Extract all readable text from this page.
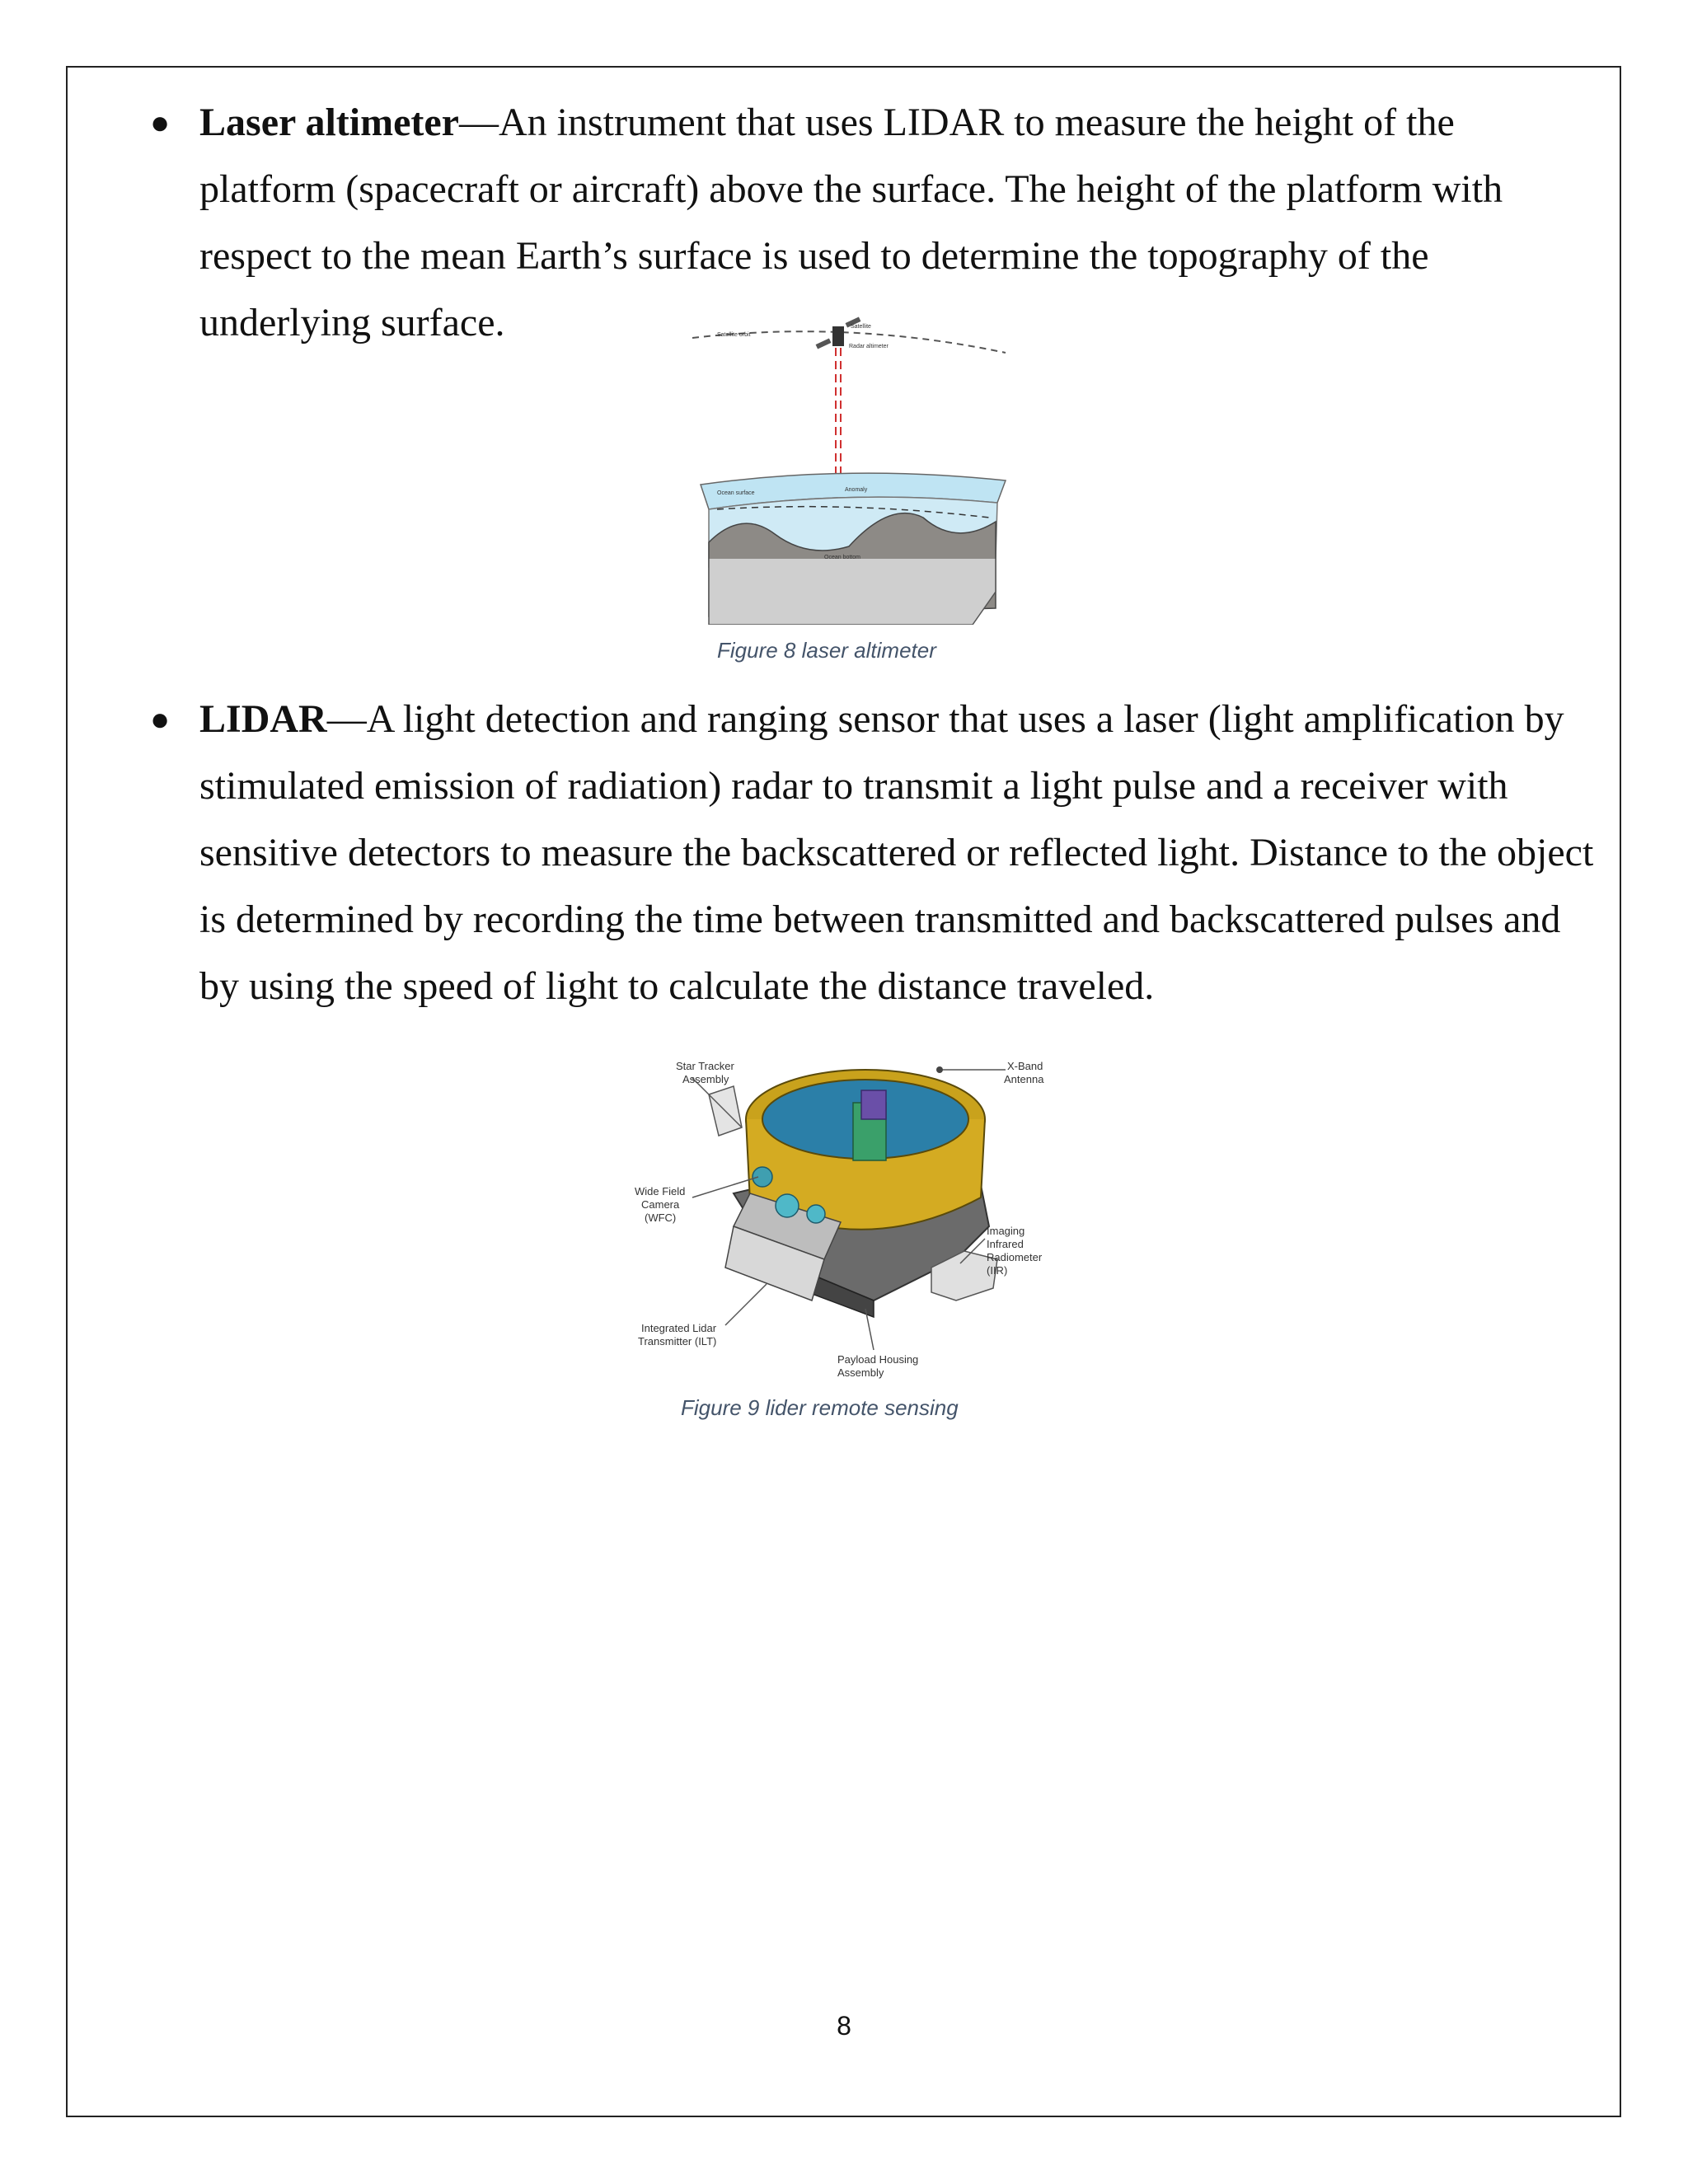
● Laser altimeter—An instrument that uses LIDAR to measure the height of the platform (spacecraft or aircraft) above the surface. The height of the platform with respect to the mean Earth’s surface is used to determine the topography of the underlying surface.	Satellite
Radar altimeter
Satellite orbit
Ocean surface
Anomaly
Ocean bottom
Figure 8 laser altimeter
● LIDAR—A light detection and ranging sensor that uses a laser (light amplification by stimulated emission of radiation) radar to transmit a light pulse and a receiver with sensitive detectors to measure the backscattered or reflected light. Distance to the object is determined by recording the time between transmitted and backscattered pulses and by using the speed of light to calculate the distance traveled.
Star Tracker
Assembly
X-Band
Antenna
Wide Field
Camera
(WFC)
Imaging
Infrared
Radiometer
(IIR)
Integrated Lidar
Transmitter (ILT)
Payload Housing
Assembly
Figure 9 lider remote sensing
8
